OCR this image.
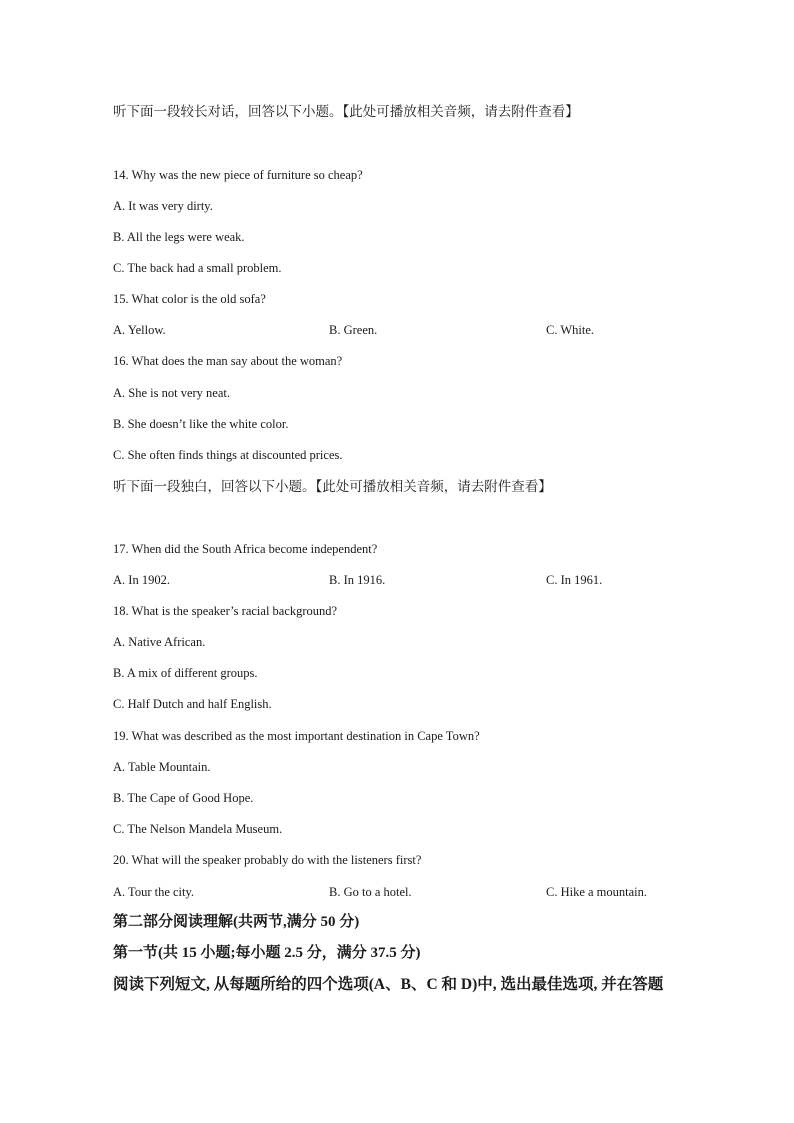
听下面一段较长对话，回答以下小题。【此处可播放相关音频，请去附件查看】
14. Why was the new piece of furniture so cheap?
A. It was very dirty.
B. All the legs were weak.
C. The back had a small problem.
15. What color is the old sofa?
A. Yellow.	B. Green.	C. White.
16. What does the man say about the woman?
A. She is not very neat.
B. She doesn’t like the white color.
C. She often finds things at discounted prices.
听下面一段独白，回答以下小题。【此处可播放相关音频，请去附件查看】
17. When did the South Africa become independent?
A. In 1902.	B. In 1916.	C. In 1961.
18. What is the speaker’s racial background?
A. Native African.
B. A mix of different groups.
C. Half Dutch and half English.
19. What was described as the most important destination in Cape Town?
A. Table Mountain.
B. The Cape of Good Hope.
C. The Nelson Mandela Museum.
20. What will the speaker probably do with the listeners first?
A. Tour the city.	B. Go to a hotel.	C. Hike a mountain.
第二部分阅读理解(共两节,满分 50 分)
第一节(共 15 小题;每小题 2.5 分，满分 37.5 分)
阅读下列短文, 从每题所给的四个选项(A、B、C 和 D)中, 选出最佳选项, 并在答题
